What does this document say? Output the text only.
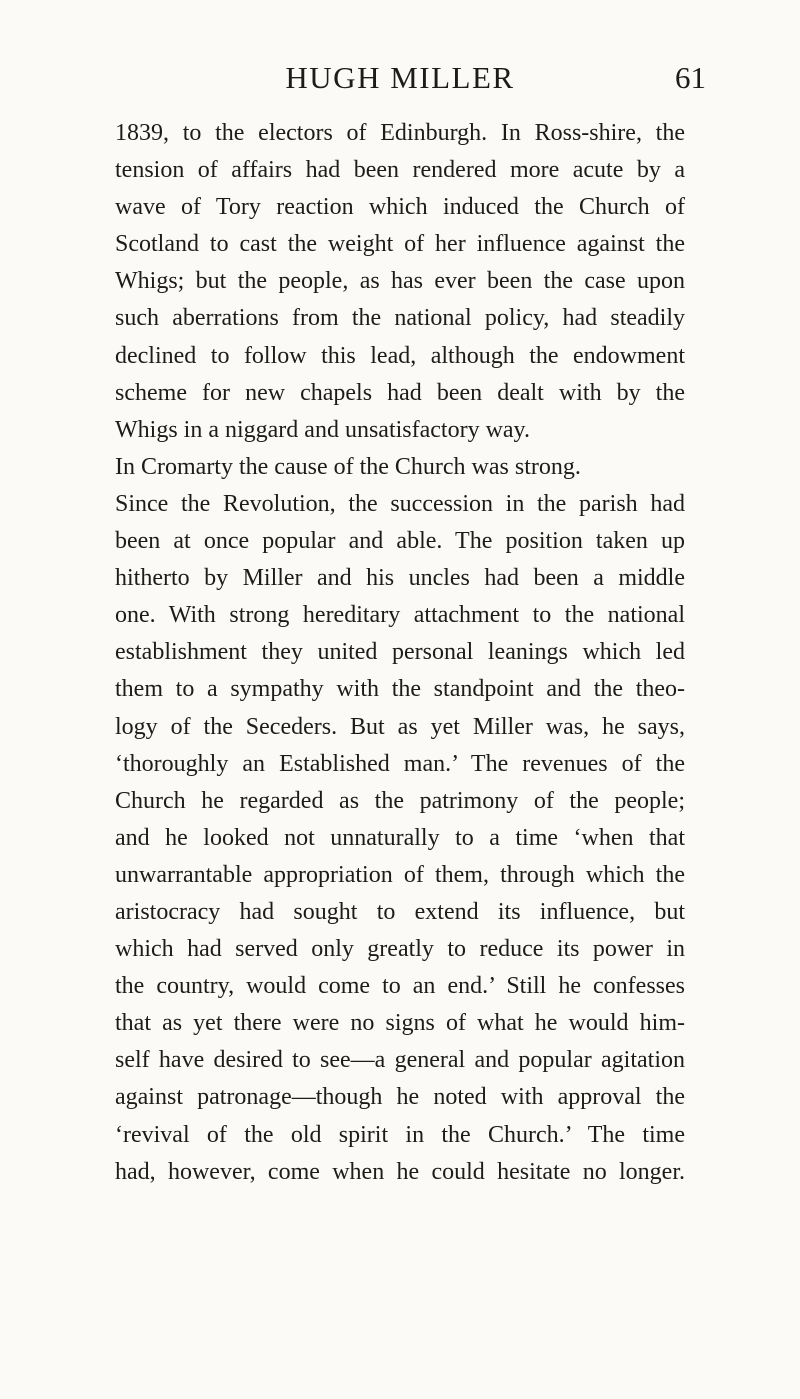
HUGH MILLER	61
1839, to the electors of Edinburgh. In Ross-shire, the
tension of affairs had been rendered more acute by a
wave of Tory reaction which induced the Church of
Scotland to cast the weight of her influence against the
Whigs; but the people, as has ever been the case upon
such aberrations from the national policy, had steadily
declined to follow this lead, although the endowment
scheme for new chapels had been dealt with by the
Whigs in a niggard and unsatisfactory way.
In Cromarty the cause of the Church was strong.
Since the Revolution, the succession in the parish had
been at once popular and able. The position taken up
hitherto by Miller and his uncles had been a middle
one. With strong hereditary attachment to the national
establishment they united personal leanings which led
them to a sympathy with the standpoint and the theo-
logy of the Seceders. But as yet Miller was, he says,
‘thoroughly an Established man.’ The revenues of the
Church he regarded as the patrimony of the people;
and he looked not unnaturally to a time ‘when that
unwarrantable appropriation of them, through which the
aristocracy had sought to extend its influence, but
which had served only greatly to reduce its power in
the country, would come to an end.’ Still he confesses
that as yet there were no signs of what he would him-
self have desired to see—a general and popular agitation
against patronage—though he noted with approval the
‘revival of the old spirit in the Church.’ The time
had, however, come when he could hesitate no longer.
